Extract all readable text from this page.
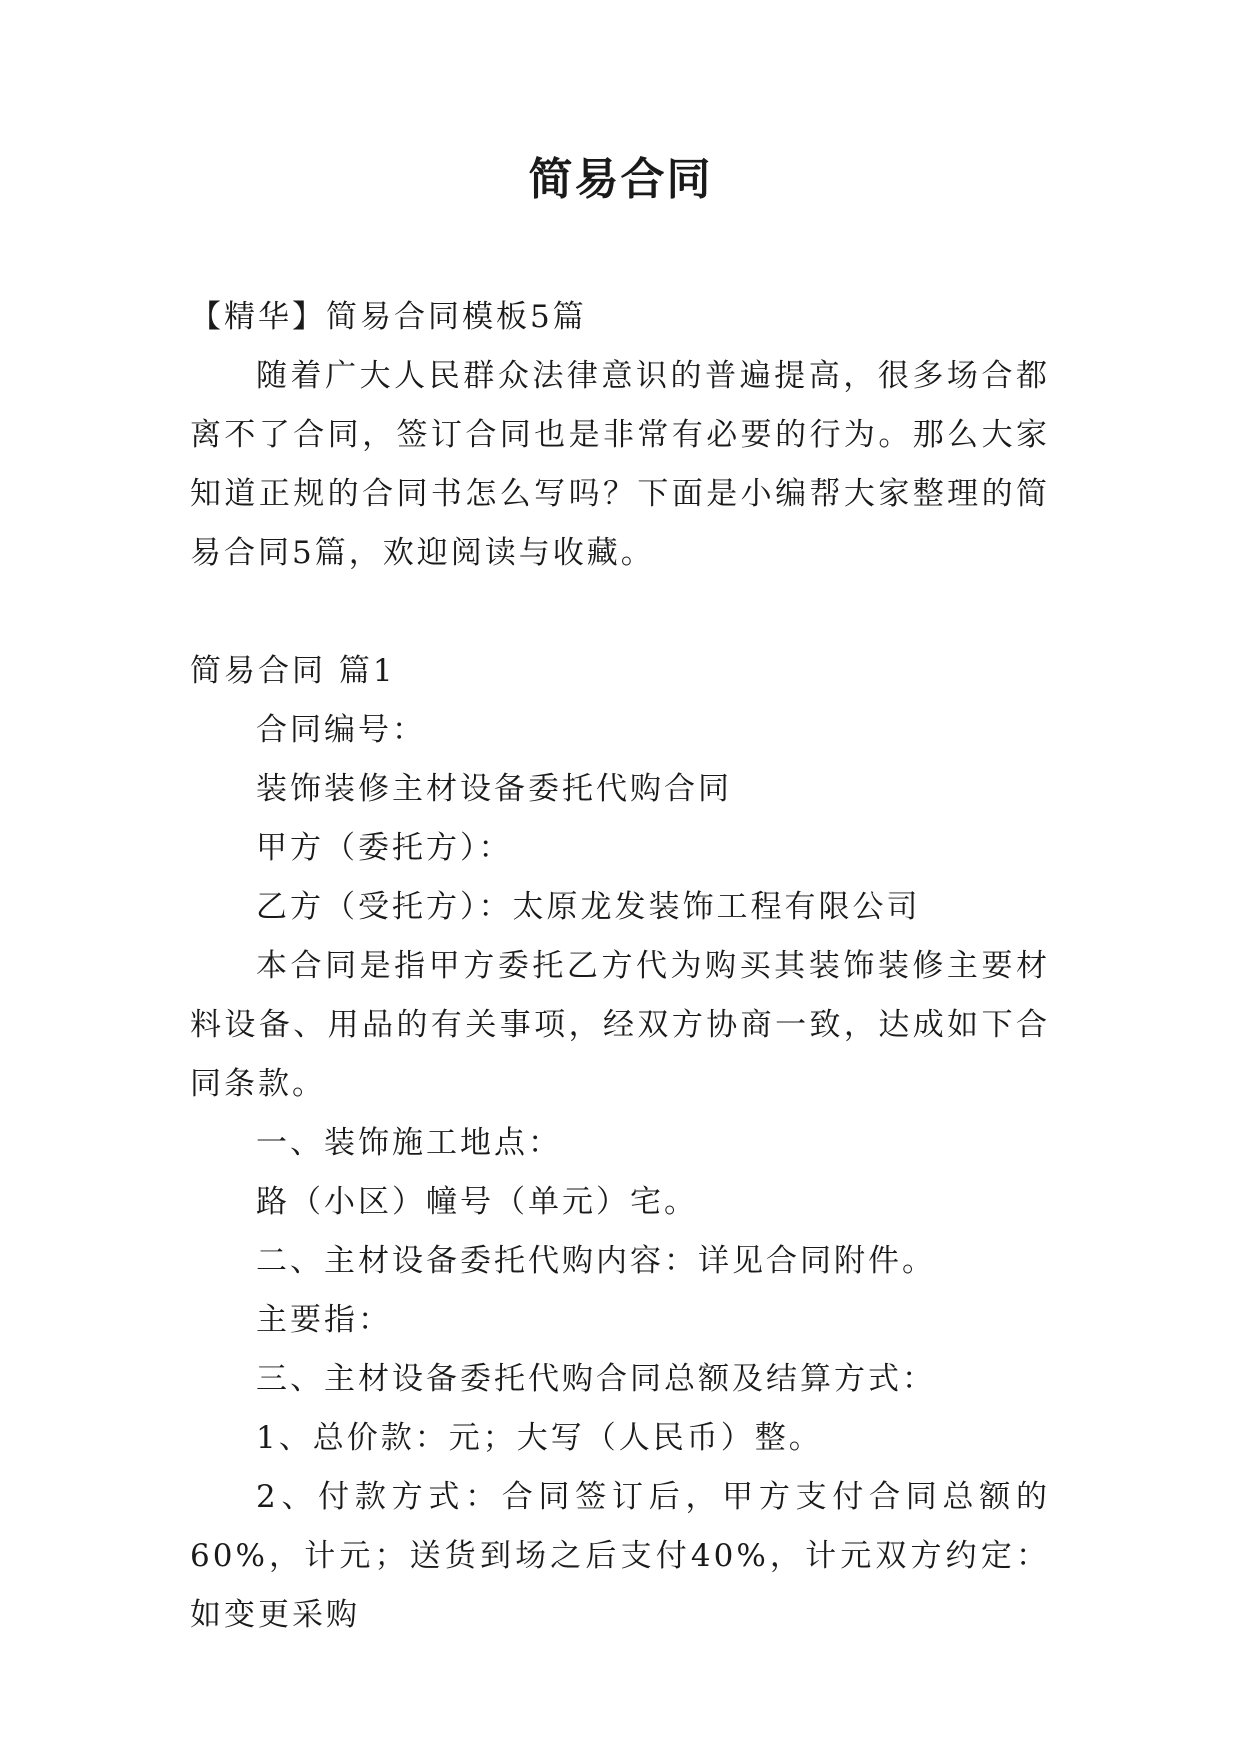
简易合同

【精华】简易合同模板5篇

随着广大人民群众法律意识的普遍提高，很多场合都离不了合同，签订合同也是非常有必要的行为。那么大家知道正规的合同书怎么写吗？下面是小编帮大家整理的简易合同5篇，欢迎阅读与收藏。

简易合同 篇1

合同编号：

装饰装修主材设备委托代购合同

甲方（委托方）：

乙方（受托方）：太原龙发装饰工程有限公司

本合同是指甲方委托乙方代为购买其装饰装修主要材料设备、用品的有关事项，经双方协商一致，达成如下合同条款。

一、装饰施工地点：

路（小区）幢号（单元）宅。

二、主材设备委托代购内容：详见合同附件。

主要指：

三、主材设备委托代购合同总额及结算方式：

1、总价款：元；大写（人民币）整。

2、付款方式：合同签订后，甲方支付合同总额的60%，计元；送货到场之后支付40%，计元双方约定：如变更采购
